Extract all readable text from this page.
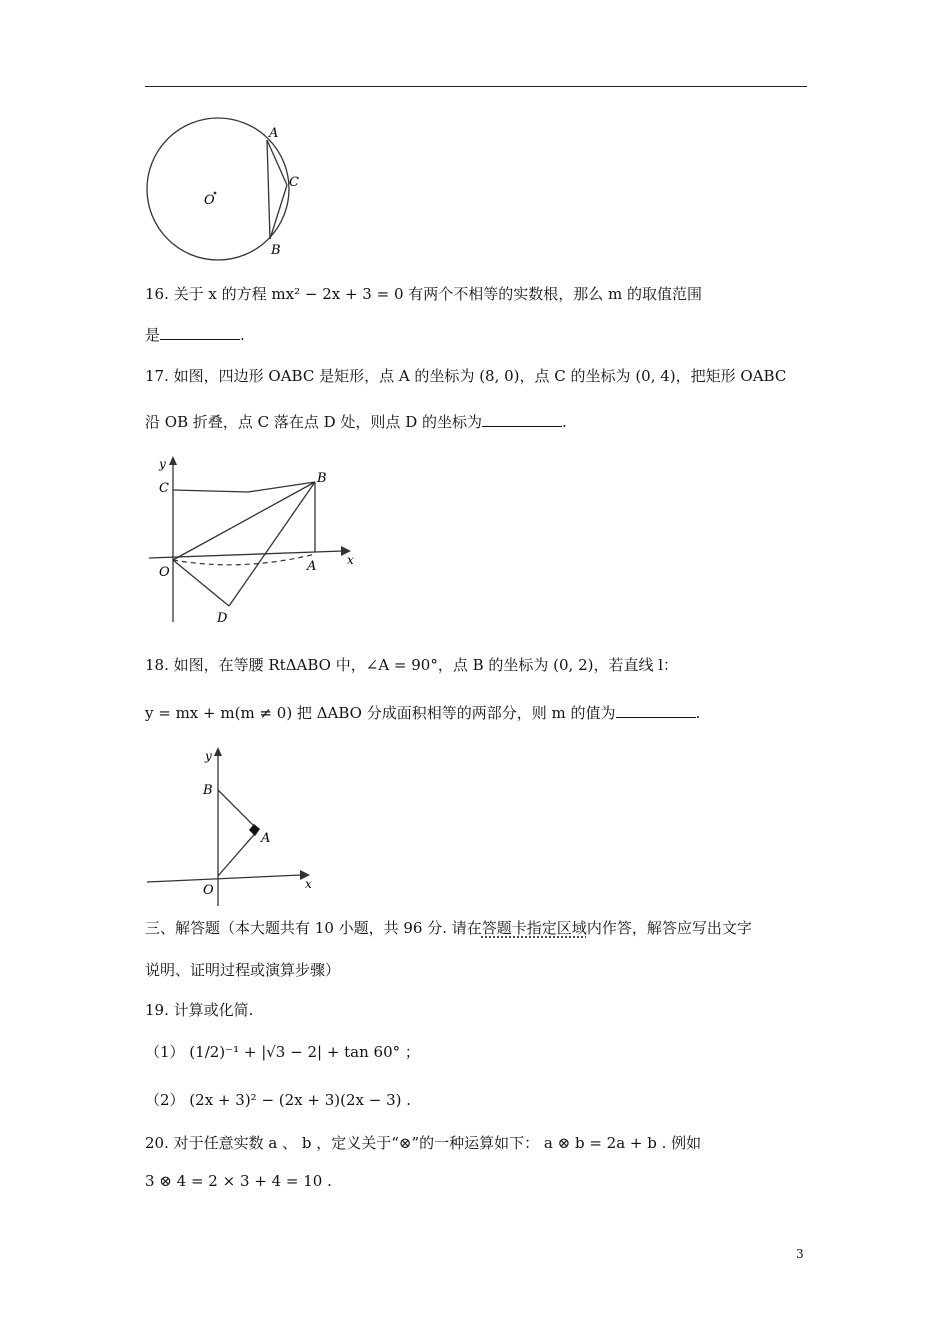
A
C
O
B
16. 关于 x 的方程 mx² − 2x + 3 = 0 有两个不相等的实数根，那么 m 的取值范围
是	.
17. 如图，四边形 OABC 是矩形，点 A 的坐标为 (8, 0)，点 C 的坐标为 (0, 4)，把矩形 OABC
沿 OB 折叠，点 C 落在点 D 处，则点 D 的坐标为	.
y
C
B
O	A	x
D
18. 如图，在等腰 RtΔABO 中，∠A = 90°，点 B 的坐标为 (0, 2)，若直线 l：
y = mx + m(m ≠ 0) 把 ΔABO 分成面积相等的两部分，则 m 的值为	.
y
B
A
O	x
三、解答题（本大题共有 10 小题，共 96 分. 请在答题卡指定区域内作答，解答应写出文字
说明、证明过程或演算步骤）
19. 计算或化简.
（1） (1/2)⁻¹ + |√3 − 2| + tan 60° ；
（2） (2x + 3)² − (2x + 3)(2x − 3) .
20. 对于任意实数 a 、 b ，定义关于“⊗”的一种运算如下： a ⊗ b = 2a + b . 例如
3 ⊗ 4 = 2 × 3 + 4 = 10 .
3
